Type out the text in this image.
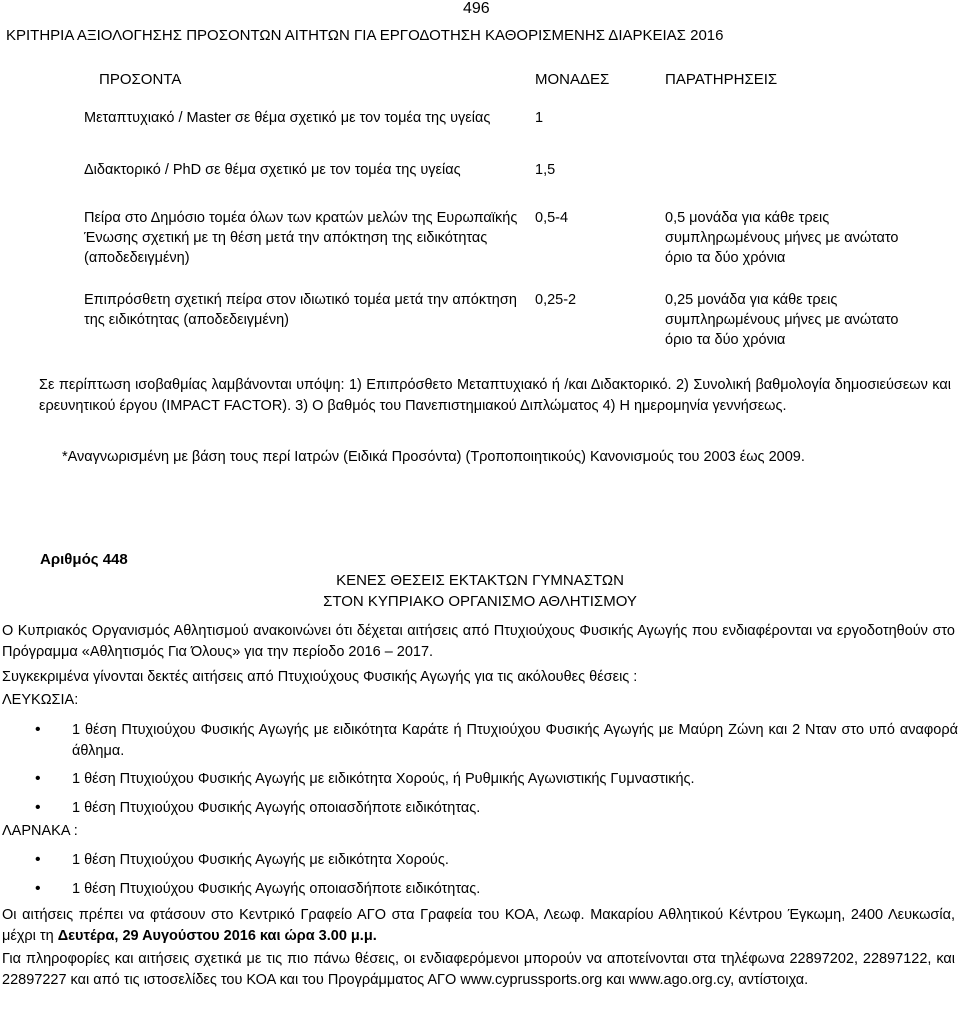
496
ΚΡΙΤΗΡΙΑ ΑΞΙΟΛΟΓΗΣΗΣ ΠΡΟΣΟΝΤΩΝ ΑΙΤΗΤΩΝ ΓΙΑ ΕΡΓΟΔΟΤΗΣΗ ΚΑΘΟΡΙΣΜΕΝΗΣ ΔΙΑΡΚΕΙΑΣ 2016
ΠΡΟΣΟΝΤΑ	ΜΟΝΑΔΕΣ	ΠΑΡΑΤΗΡΗΣΕΙΣ
Μεταπτυχιακό / Master σε θέμα σχετικό με τον τομέα της υγείας	1	
Διδακτορικό / PhD σε θέμα σχετικό με τον τομέα της υγείας	1,5	
Πείρα στο Δημόσιο τομέα όλων των κρατών μελών της Ευρωπαϊκής Ένωσης σχετική με τη θέση μετά την απόκτηση της ειδικότητας (αποδεδειγμένη)	0,5-4	0,5 μονάδα για κάθε τρεις συμπληρωμένους μήνες με ανώτατο όριο τα δύο χρόνια
Επιπρόσθετη σχετική πείρα στον ιδιωτικό τομέα μετά την απόκτηση της ειδικότητας (αποδεδειγμένη)	0,25-2	0,25 μονάδα για κάθε τρεις συμπληρωμένους μήνες με ανώτατο όριο τα δύο χρόνια
Σε περίπτωση ισοβαθμίας λαμβάνονται υπόψη: 1) Επιπρόσθετο Μεταπτυχιακό ή /και Διδακτορικό. 2) Συνολική βαθμολογία δημοσιεύσεων και ερευνητικού έργου (IMPACT FACTOR). 3) Ο βαθμός του Πανεπιστημιακού Διπλώματος 4) Η ημερομηνία γεννήσεως.
*Αναγνωρισμένη με βάση τους περί Ιατρών (Ειδικά Προσόντα) (Τροποποιητικούς) Κανονισμούς του 2003 έως 2009.
Αριθμός 448
ΚΕΝΕΣ ΘΕΣΕΙΣ ΕΚΤΑΚΤΩΝ ΓΥΜΝΑΣΤΩΝ
ΣΤΟΝ ΚΥΠΡΙΑΚΟ ΟΡΓΑΝΙΣΜΟ ΑΘΛΗΤΙΣΜΟΥ
Ο Κυπριακός Οργανισμός Αθλητισμού ανακοινώνει ότι δέχεται αιτήσεις από Πτυχιούχους Φυσικής Αγωγής που ενδιαφέρονται να εργοδοτηθούν στο Πρόγραμμα «Αθλητισμός Για Όλους» για την περίοδο 2016 – 2017.
Συγκεκριμένα γίνονται δεκτές αιτήσεις από Πτυχιούχους Φυσικής Αγωγής για τις ακόλουθες θέσεις :
ΛΕΥΚΩΣΙΑ:
• 1 θέση Πτυχιούχου Φυσικής Αγωγής με ειδικότητα Καράτε ή Πτυχιούχου Φυσικής Αγωγής με Μαύρη Ζώνη και 2 Νταν στο υπό αναφορά άθλημα.
• 1 θέση Πτυχιούχου Φυσικής Αγωγής με ειδικότητα Χορούς, ή Ρυθμικής Αγωνιστικής Γυμναστικής.
• 1 θέση Πτυχιούχου Φυσικής Αγωγής οποιασδήποτε ειδικότητας.
ΛΑΡΝΑΚΑ :
• 1 θέση Πτυχιούχου Φυσικής Αγωγής με ειδικότητα Χορούς.
• 1 θέση Πτυχιούχου Φυσικής Αγωγής οποιασδήποτε ειδικότητας.
Οι αιτήσεις πρέπει να φτάσουν στο Κεντρικό Γραφείο ΑΓΟ στα Γραφεία του ΚΟΑ, Λεωφ. Μακαρίου Αθλητικού Κέντρου Έγκωμη, 2400 Λευκωσία, μέχρι τη Δευτέρα, 29 Αυγούστου 2016 και ώρα 3.00 μ.μ.
Για πληροφορίες και αιτήσεις σχετικά με τις πιο πάνω θέσεις, οι ενδιαφερόμενοι μπορούν να αποτείνονται στα τηλέφωνα 22897202, 22897122, και 22897227 και από τις ιστοσελίδες του ΚΟΑ και του Προγράμματος ΑΓΟ www.cyprussports.org και www.ago.org.cy, αντίστοιχα.
